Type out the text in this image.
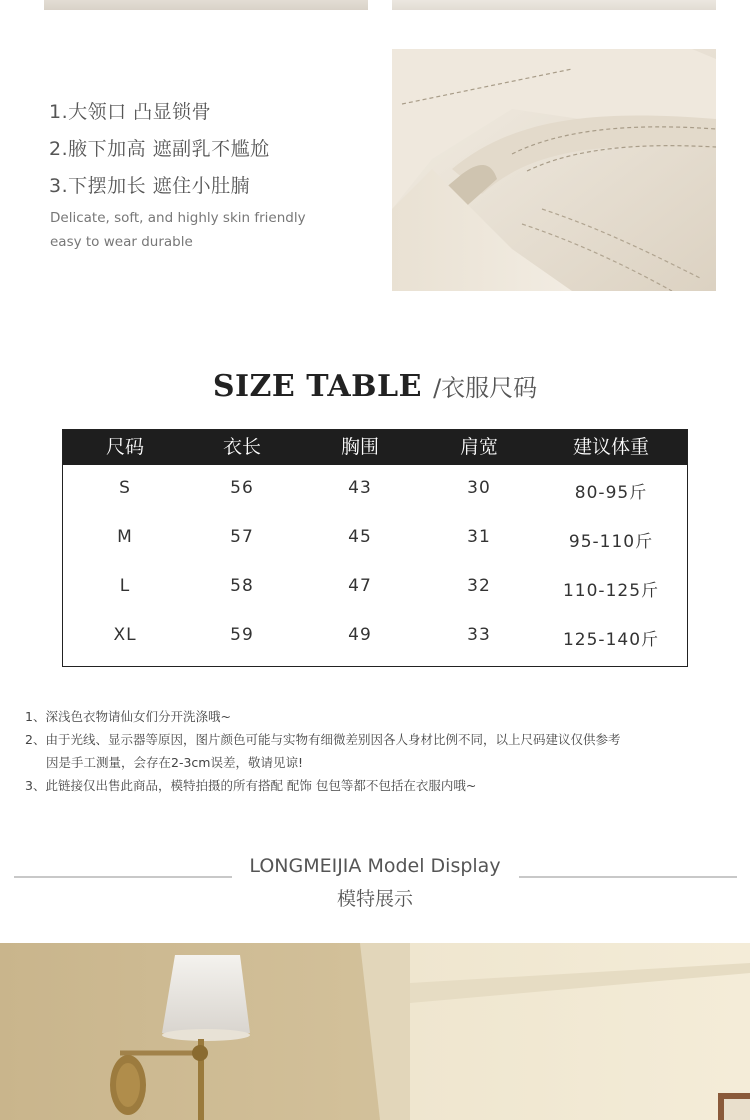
1.大领口 凸显锁骨
2.腋下加高 遮副乳不尴尬
3.下摆加长 遮住小肚腩
Delicate, soft, and highly skin friendly
easy to wear durable
SIZE TABLE /衣服尺码
尺码	衣长	胸围	肩宽	建议体重
S	56	43	30	80-95斤
M	57	45	31	95-110斤
L	58	47	32	110-125斤
XL	59	49	33	125-140斤
1、深浅色衣物请仙女们分开洗涤哦~
2、由于光线、显示器等原因，图片颜色可能与实物有细微差别因各人身材比例不同，以上尺码建议仅供参考
因是手工测量，会存在2-3cm误差，敬请见谅!
3、此链接仅出售此商品，模特拍摄的所有搭配 配饰 包包等都不包括在衣服内哦~
LONGMEIJIA Model Display
模特展示
